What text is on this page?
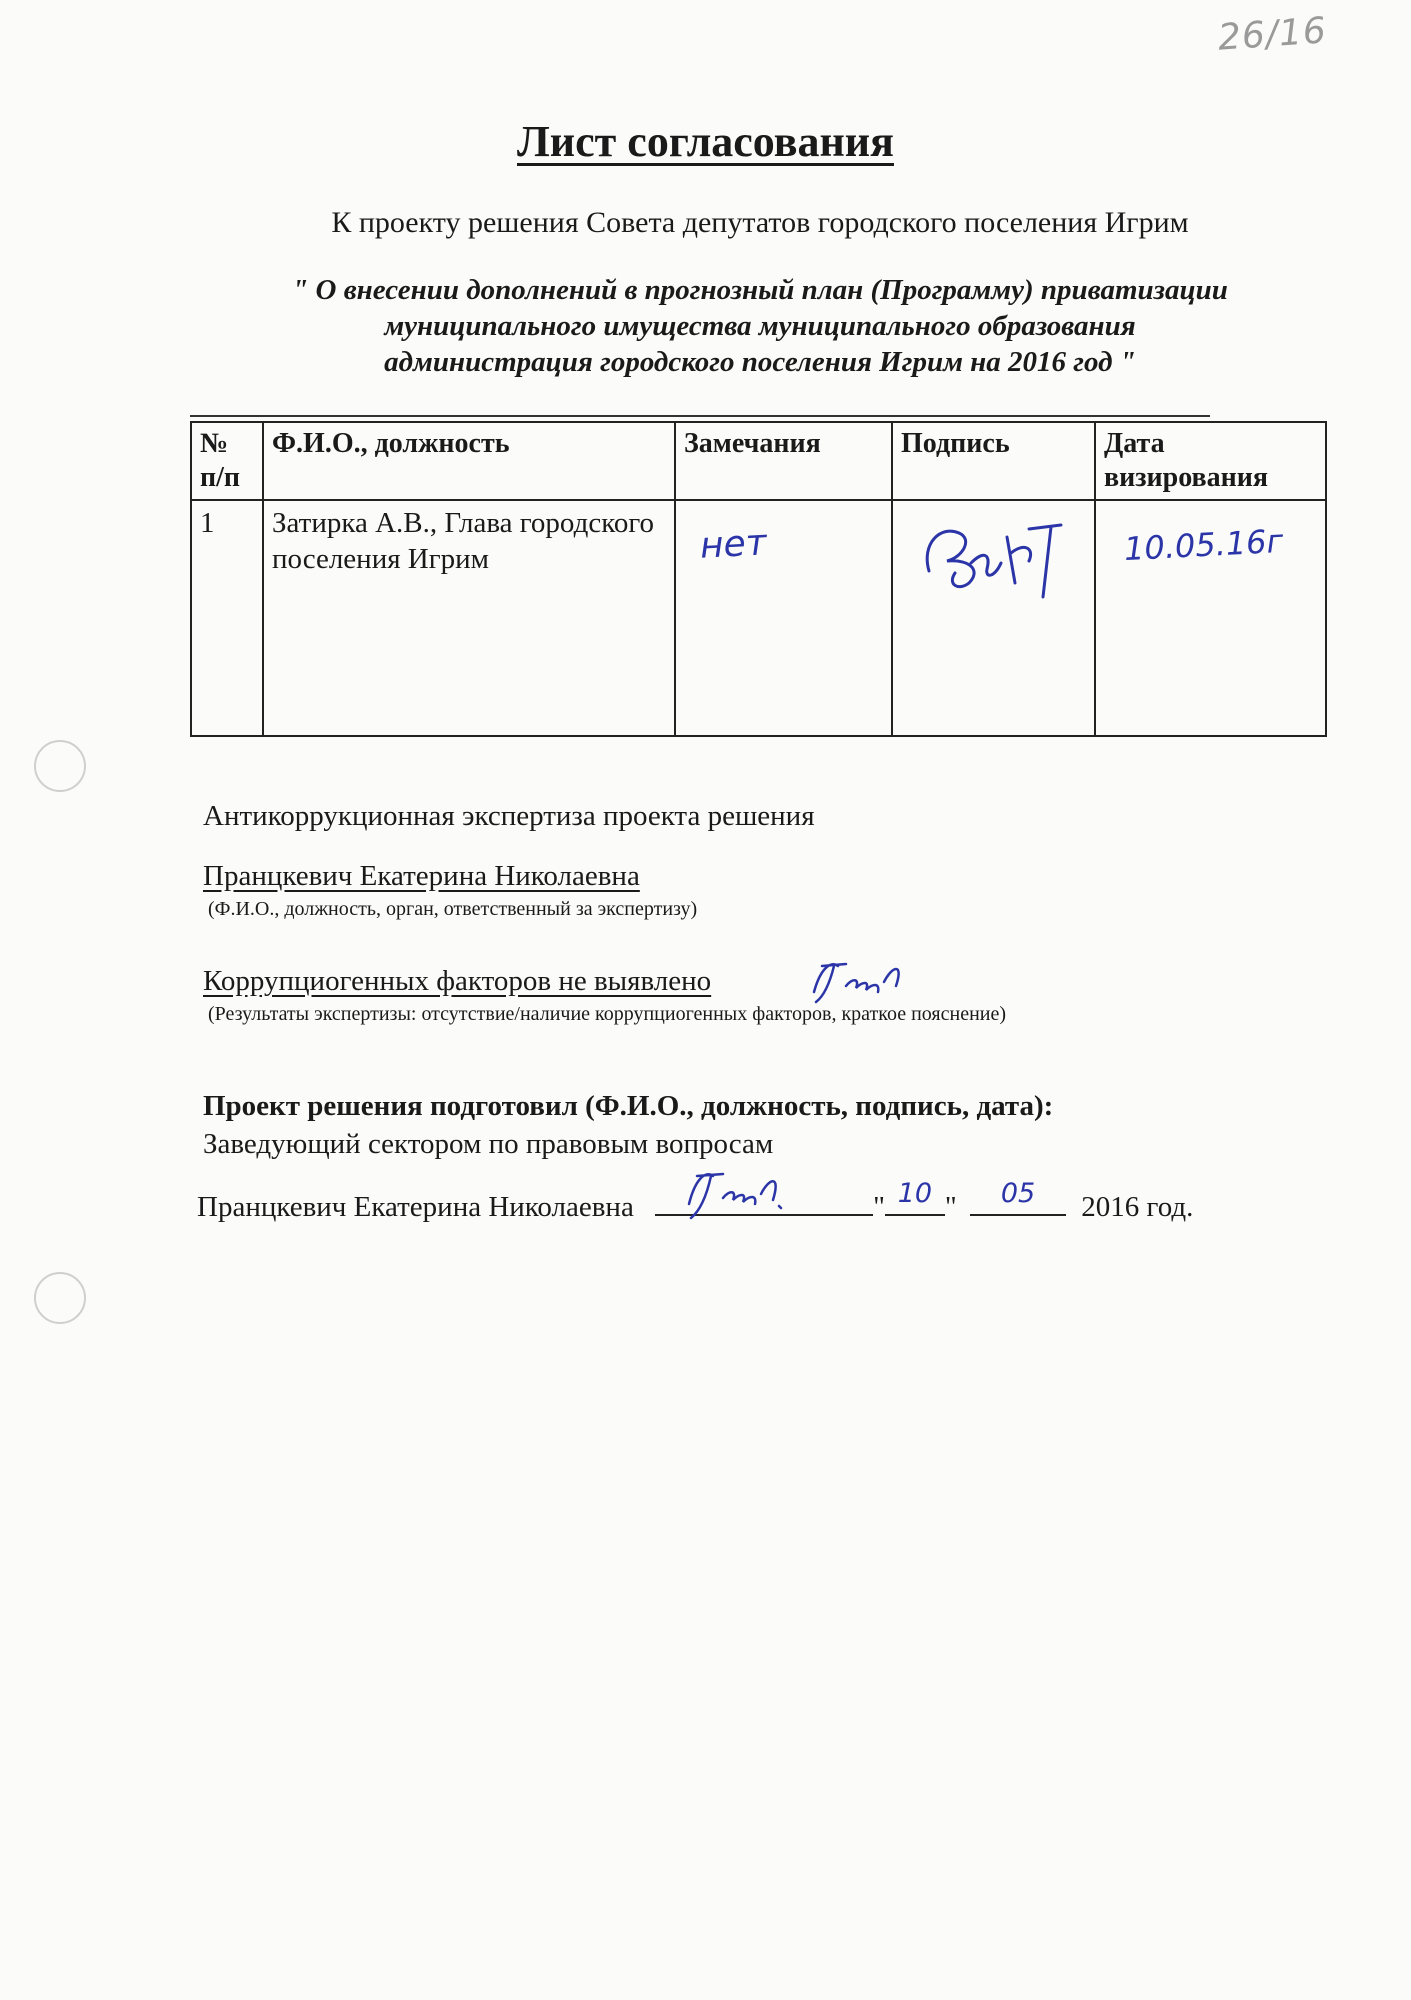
26/16
Лист согласования
К проекту решения Совета депутатов городского поселения Игрим
" О внесении дополнений в прогнозный план (Программу) приватизации
муниципального имущества муниципального образования
администрация городского поселения Игрим на 2016 год "
№ п/п	Ф.И.О., должность	Замечания	Подпись	Дата визирования
1	Затирка А.В., Глава городского поселения Игрим	нет		10.05.16г
Антикоррукционная экспертиза проекта решения
Пранцкевич Екатерина Николаевна
(Ф.И.О., должность, орган, ответственный за экспертизу)
Коррупциогенных факторов не выявлено
(Результаты экспертизы: отсутствие/наличие коррупциогенных факторов, краткое пояснение)
Проект решения подготовил (Ф.И.О., должность, подпись, дата):
Заведующий сектором по правовым вопросам
Пранцкевич Екатерина Николаевна	" 10 "	05	2016 год.
